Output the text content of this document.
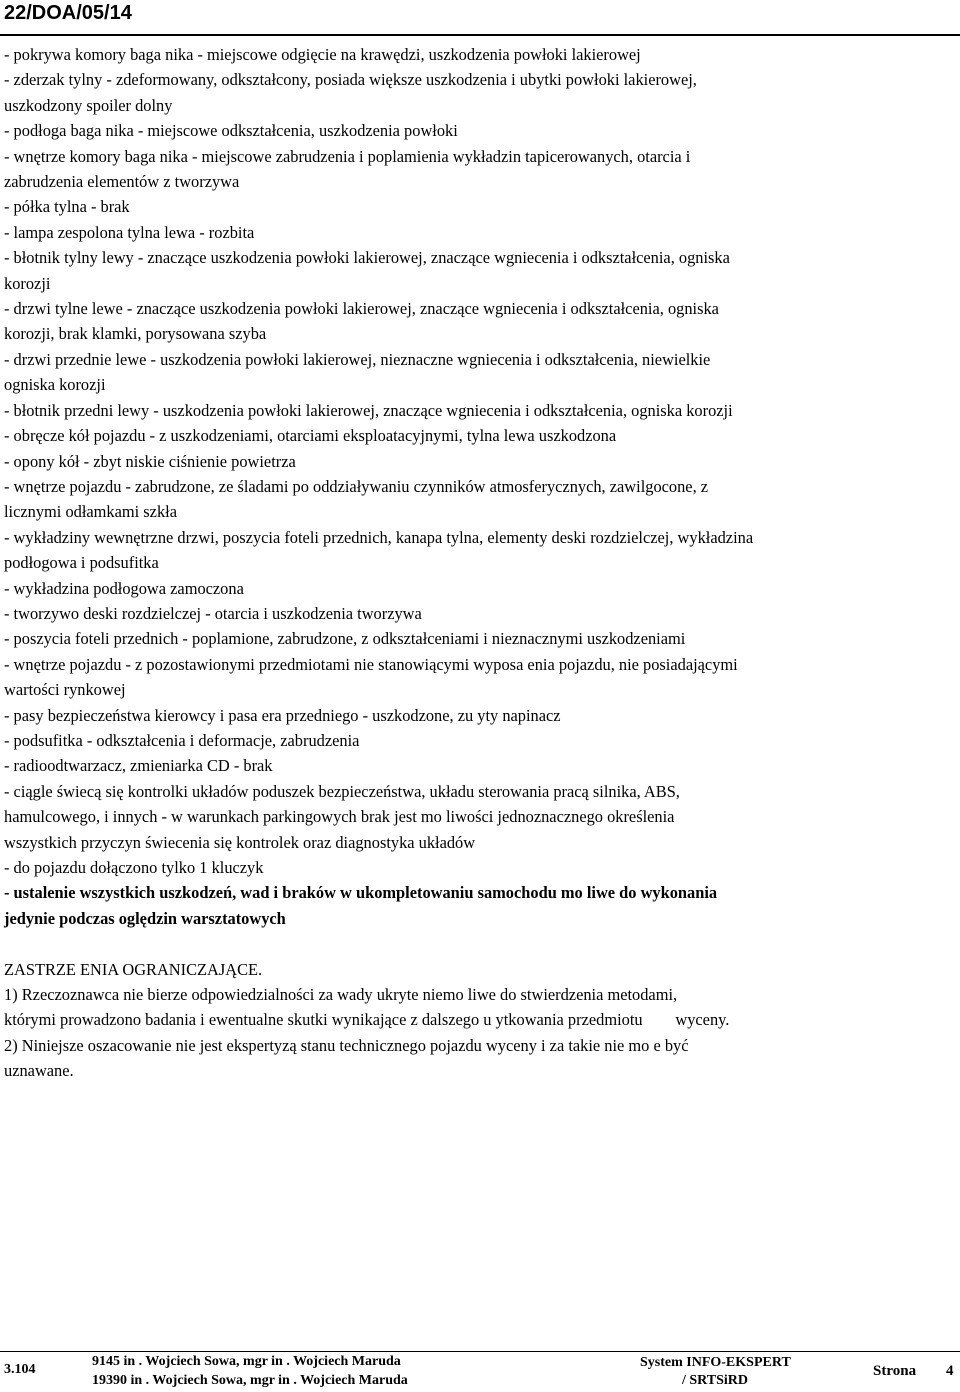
22/DOA/05/14
- pokrywa komory baga nika - miejscowe odgięcie na krawędzi, uszkodzenia powłoki lakierowej
- zderzak tylny - zdeformowany, odkształcony, posiada większe uszkodzenia i ubytki powłoki lakierowej,
uszkodzony spoiler dolny
- podłoga baga nika - miejscowe odkształcenia, uszkodzenia powłoki
- wnętrze komory baga nika - miejscowe zabrudzenia i poplamienia wykładzin tapicerowanych, otarcia i
zabrudzenia elementów z tworzywa
- półka tylna - brak
- lampa zespolona tylna lewa - rozbita
- błotnik tylny lewy - znaczące uszkodzenia powłoki lakierowej, znaczące wgniecenia i odkształcenia, ogniska
korozji
- drzwi tylne lewe - znaczące uszkodzenia powłoki lakierowej, znaczące wgniecenia i odkształcenia, ogniska
korozji, brak klamki, porysowana szyba
- drzwi przednie lewe - uszkodzenia powłoki lakierowej, nieznaczne wgniecenia i odkształcenia, niewielkie
ogniska korozji
- błotnik przedni lewy - uszkodzenia powłoki lakierowej, znaczące wgniecenia i odkształcenia, ogniska korozji
- obręcze kół pojazdu - z uszkodzeniami, otarciami eksploatacyjnymi, tylna lewa uszkodzona
- opony kół - zbyt niskie ciśnienie powietrza
- wnętrze pojazdu - zabrudzone, ze śladami po oddziaływaniu czynników atmosferycznych, zawilgocone, z
licznymi odłamkami szkła
- wykładziny wewnętrzne drzwi, poszycia foteli przednich, kanapa tylna, elementy deski rozdzielczej, wykładzina
podłogowa i podsufitka
- wykładzina podłogowa zamoczona
- tworzywo deski rozdzielczej - otarcia i uszkodzenia tworzywa
- poszycia foteli przednich - poplamione, zabrudzone, z odkształceniami i nieznacznymi uszkodzeniami
- wnętrze pojazdu - z pozostawionymi przedmiotami nie stanowiącymi wyposa enia pojazdu, nie posiadającymi
wartości rynkowej
- pasy bezpieczeństwa kierowcy i pasa era przedniego - uszkodzone, zu yty napinacz
- podsufitka - odkształcenia i deformacje, zabrudzenia
- radioodtwarzacz, zmieniarka CD - brak
- ciągle świecą się kontrolki układów poduszek bezpieczeństwa, układu sterowania pracą silnika, ABS,
hamulcowego, i innych - w warunkach parkingowych brak jest mo liwości jednoznacznego określenia
wszystkich przyczyn świecenia się kontrolek oraz diagnostyka układów
- do pojazdu dołączono tylko 1 kluczyk
- ustalenie wszystkich uszkodzeń, wad i braków w ukompletowaniu samochodu mo liwe do wykonania
jedynie podczas oględzin warsztatowych
ZASTRZE ENIA OGRANICZAJĄCE.
1) Rzeczoznawca nie bierze odpowiedzialności za wady ukryte niemo liwe do stwierdzenia metodami,
którymi prowadzono badania i ewentualne skutki wynikające z dalszego u ytkowania przedmiotu        wyceny.
2) Niniejsze oszacowanie nie jest ekspertyzą stanu technicznego pojazdu wyceny i za takie nie mo e być
uznawane.
3.104
9145 in . Wojciech Sowa, mgr in . Wojciech Maruda
19390 in . Wojciech Sowa, mgr in . Wojciech Maruda
System INFO-EKSPERT
/ SRTSiRD
Strona 4
